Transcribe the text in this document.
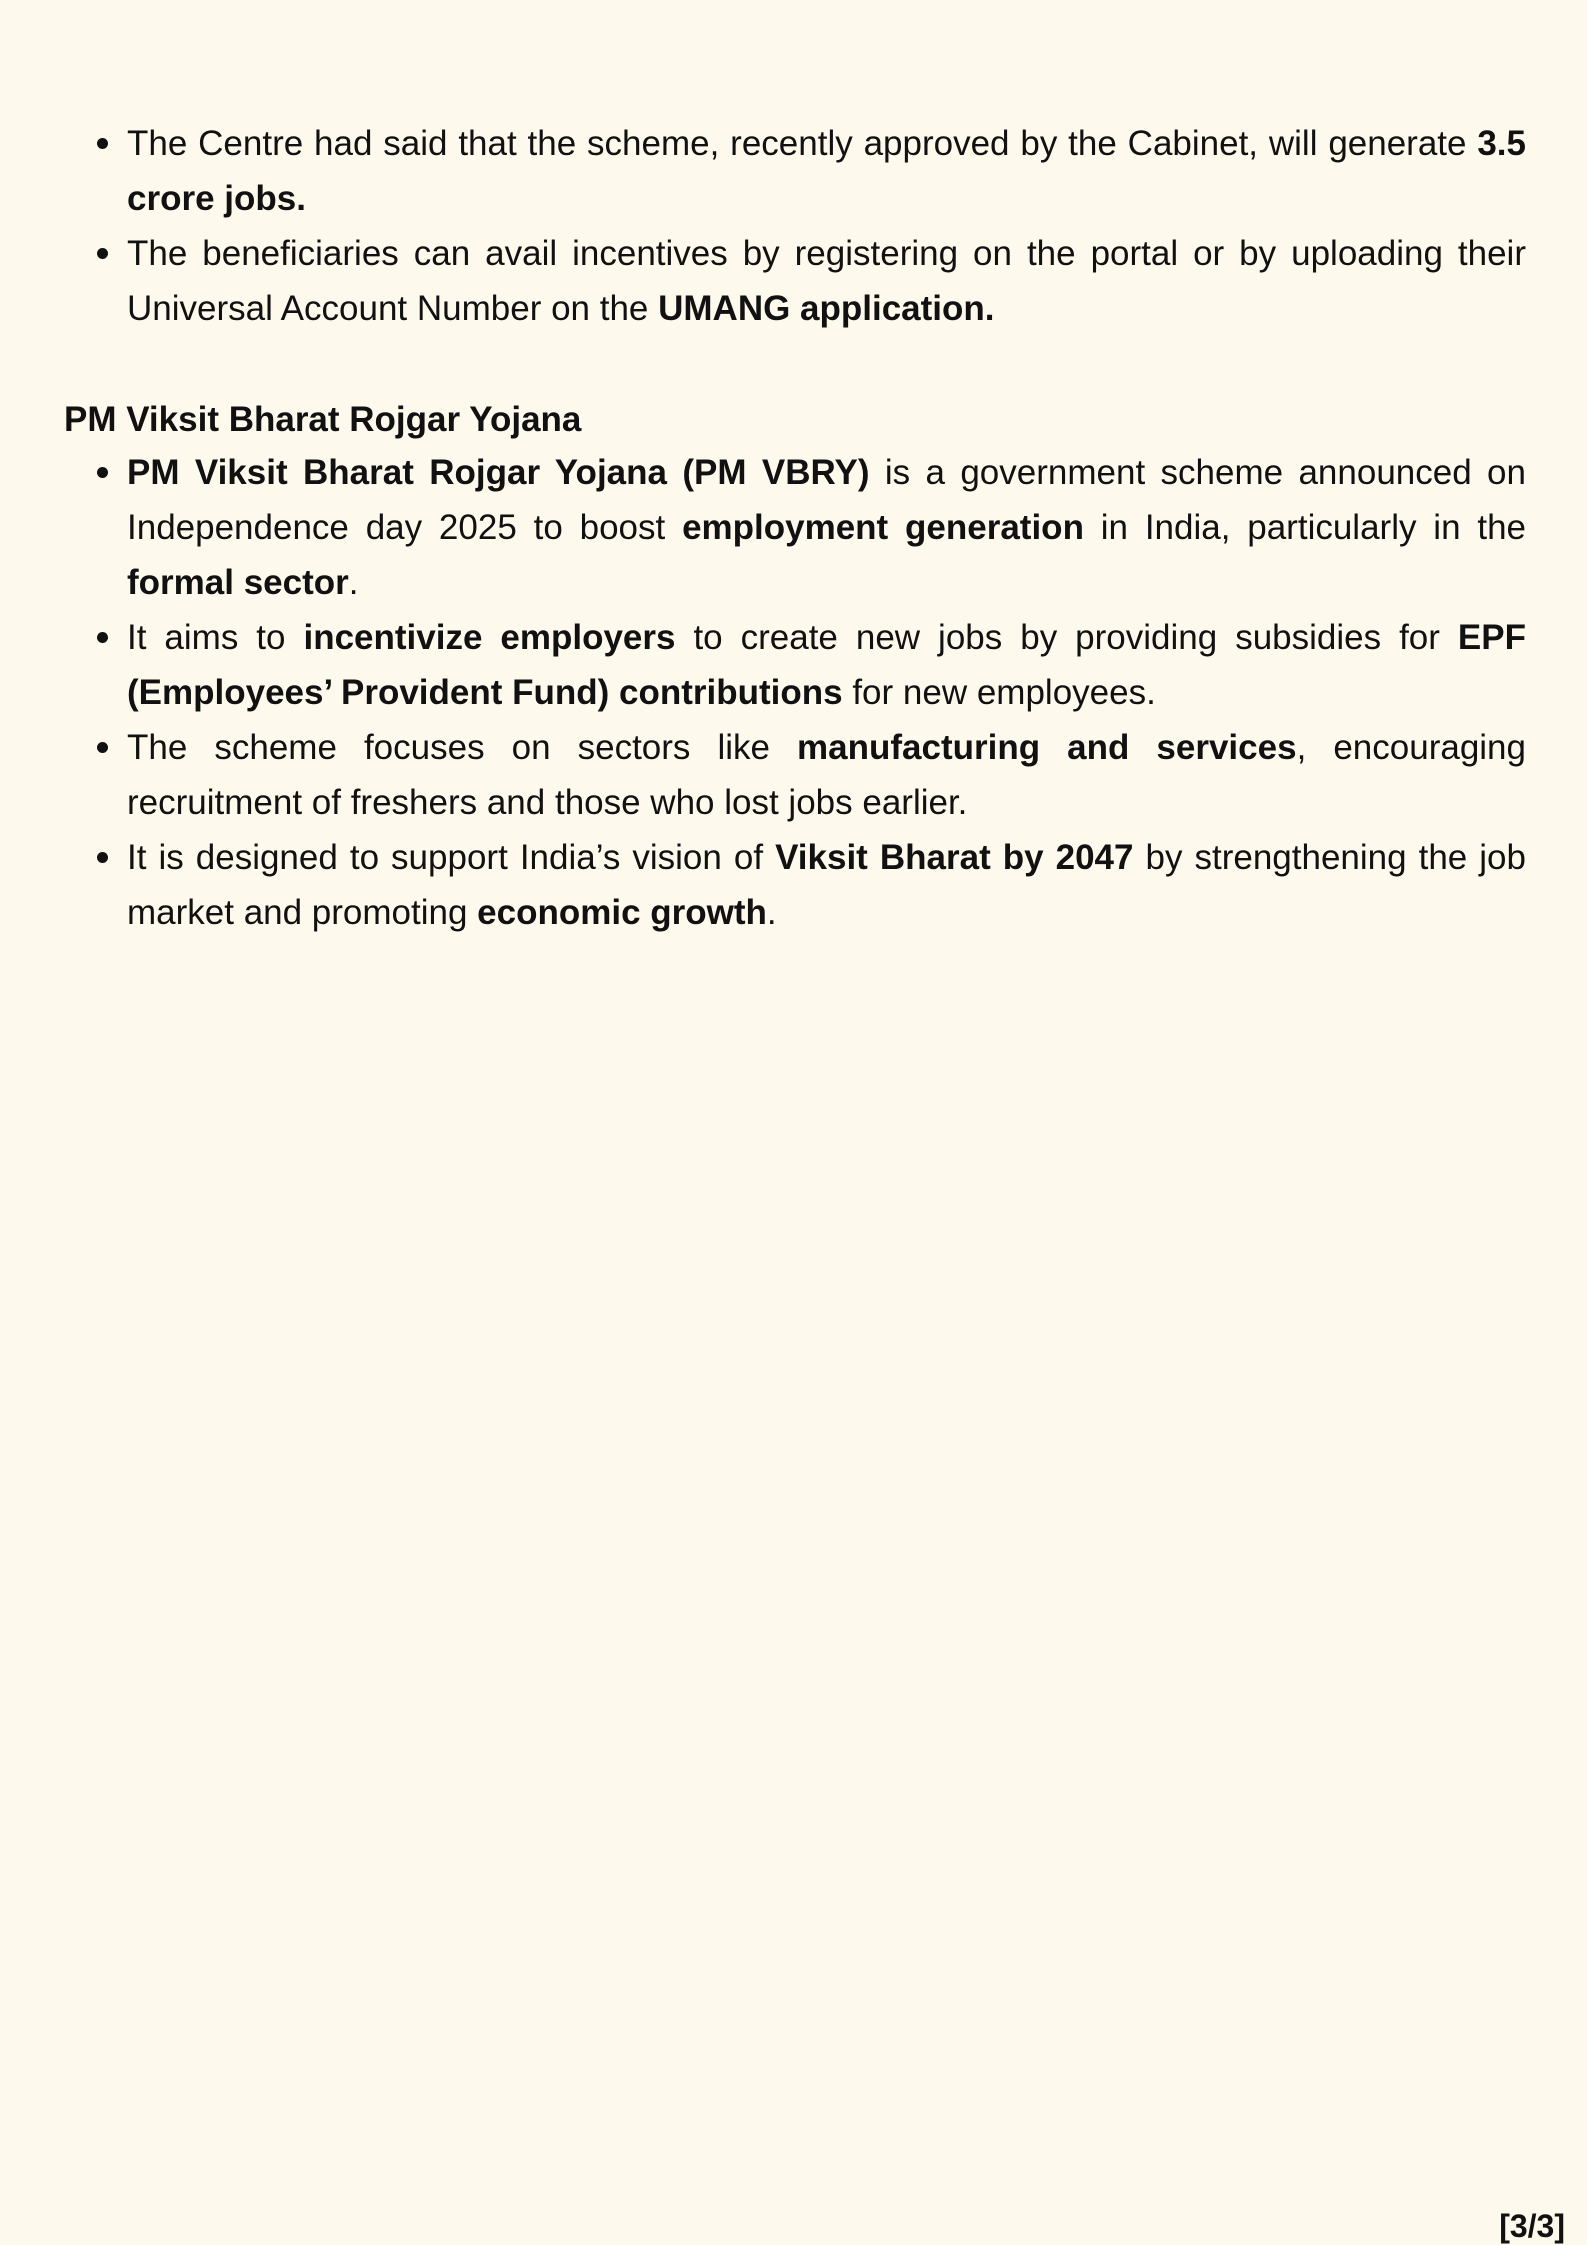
The Centre had said that the scheme, recently approved by the Cabinet, will generate 3.5 crore jobs.
The beneficiaries can avail incentives by registering on the portal or by uploading their Universal Account Number on the UMANG application.
PM Viksit Bharat Rojgar Yojana
PM Viksit Bharat Rojgar Yojana (PM VBRY) is a government scheme announced on Independence day 2025 to boost employment generation in India, particularly in the formal sector.
It aims to incentivize employers to create new jobs by providing subsidies for EPF (Employees’ Provident Fund) contributions for new employees.
The scheme focuses on sectors like manufacturing and services, encouraging recruitment of freshers and those who lost jobs earlier.
It is designed to support India’s vision of Viksit Bharat by 2047 by strengthening the job market and promoting economic growth.
[3/3]
